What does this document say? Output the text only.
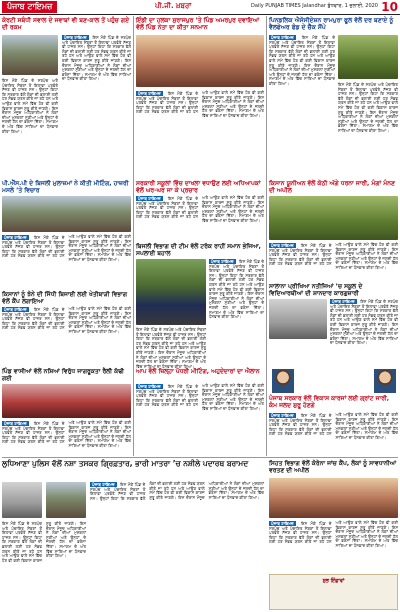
ਪੰਜਾਬ ਟਾਇਮਜ਼	ਪੀ.ਜੀ. ਖ਼ਬਰਾਂ	Daily PUNJAB TIMES Jalandhar ਬੁੱਧਵਾਰ, 1 ਜੁਲਾਈ, 2020 10
ਕੋਰਟੀ ਸਬੰਧੀ ਸਵਾਲ ਦੇ ਜਵਾਬਾਂ ਵੀ ਬਣ-ਕਾਲ ਤੋਂ ਪਹੁੰਚ ਗਏ ਦੀ ਰਕਮ
ਪੰਜਾਬ ਟਾਇਮਜ਼ ਇਸ ਮੌਕੇ ਪਿੰਡ ਦੇ ਸਰਪੰਚ ਅਤੇ ਪੰਚਾਇਤ ਮੈਂਬਰਾਂ ਤੋਂ ਇਲਾਵਾ ਪਤਵੰਤੇ ਸੱਜਣ ਵੀ ਹਾਜ਼ਰ ਸਨ। ਉਨ੍ਹਾਂ ਕਿਹਾ ਕਿ ਸਰਕਾਰ ਵੱਲੋਂ ਲੋਕਾਂ ਦੀ ਭਲਾਈ ਲਈ ਹਰ ਸੰਭਵ ਯਤਨ ਕੀਤੇ ਜਾ ਰਹੇ ਹਨ ਅਤੇ ਆਉਣ ਵਾਲੇ ਸਮੇਂ ਵਿੱਚ ਹੋਰ ਵੀ ਕਈ ਵਿਕਾਸ ਕਾਰਜ ਸ਼ੁਰੂ ਕੀਤੇ ਜਾਣਗੇ। ਇਸ ਦੌਰਾਨ ਮੌਜੂਦ ਅਧਿਕਾਰੀਆਂ ਨੇ ਲੋਕਾਂ ਦੀਆਂ ਮੁਸ਼ਕਲਾਂ ਸੁਣੀਆਂ ਅਤੇ ਉਨ੍ਹਾਂ ਦੇ ਜਲਦੀ ਹੱਲ ਦਾ ਭਰੋਸਾ ਦਿੱਤਾ। ਸਮਾਗਮ ਦੇ ਅੰਤ ਵਿੱਚ ਸਾਰਿਆਂ ਦਾ ਧੰਨਵਾਦ ਕੀਤਾ ਗਿਆ।
ਇਸ ਮੌਕੇ ਪਿੰਡ ਦੇ ਸਰਪੰਚ ਅਤੇ ਪੰਚਾਇਤ ਮੈਂਬਰਾਂ ਤੋਂ ਇਲਾਵਾ ਪਤਵੰਤੇ ਸੱਜਣ ਵੀ ਹਾਜ਼ਰ ਸਨ। ਉਨ੍ਹਾਂ ਕਿਹਾ ਕਿ ਸਰਕਾਰ ਵੱਲੋਂ ਲੋਕਾਂ ਦੀ ਭਲਾਈ ਲਈ ਹਰ ਸੰਭਵ ਯਤਨ ਕੀਤੇ ਜਾ ਰਹੇ ਹਨ ਅਤੇ ਆਉਣ ਵਾਲੇ ਸਮੇਂ ਵਿੱਚ ਹੋਰ ਵੀ ਕਈ ਵਿਕਾਸ ਕਾਰਜ ਸ਼ੁਰੂ ਕੀਤੇ ਜਾਣਗੇ। ਇਸ ਦੌਰਾਨ ਮੌਜੂਦ ਅਧਿਕਾਰੀਆਂ ਨੇ ਲੋਕਾਂ ਦੀਆਂ ਮੁਸ਼ਕਲਾਂ ਸੁਣੀਆਂ ਅਤੇ ਉਨ੍ਹਾਂ ਦੇ ਜਲਦੀ ਹੱਲ ਦਾ ਭਰੋਸਾ ਦਿੱਤਾ। ਸਮਾਗਮ ਦੇ ਅੰਤ ਵਿੱਚ ਸਾਰਿਆਂ ਦਾ ਧੰਨਵਾਦ ਕੀਤਾ ਗਿਆ।
ਇੰਡੀ ਦਾ ਹਲਕਾ ਸੁਰਾਜਪੁਰ ’ਤੇ ਪਿੰਡ ਅਮਰਪੁਰ ਦਵਾਇਆਂ ਵੱਲੋਂ ਪਿੰਡ ਨੇਤਾ ਦਾ ਕੀਤਾ ਸਨਮਾਨ
ਪੰਜਾਬ ਟਾਇਮਜ਼ ਇਸ ਮੌਕੇ ਪਿੰਡ ਦੇ ਸਰਪੰਚ ਅਤੇ ਪੰਚਾਇਤ ਮੈਂਬਰਾਂ ਤੋਂ ਇਲਾਵਾ ਪਤਵੰਤੇ ਸੱਜਣ ਵੀ ਹਾਜ਼ਰ ਸਨ। ਉਨ੍ਹਾਂ ਕਿਹਾ ਕਿ ਸਰਕਾਰ ਵੱਲੋਂ ਲੋਕਾਂ ਦੀ ਭਲਾਈ ਲਈ ਹਰ ਸੰਭਵ ਯਤਨ ਕੀਤੇ ਜਾ ਰਹੇ ਹਨ ਅਤੇ ਆਉਣ ਵਾਲੇ ਸਮੇਂ ਵਿੱਚ ਹੋਰ ਵੀ ਕਈ ਵਿਕਾਸ ਕਾਰਜ ਸ਼ੁਰੂ ਕੀਤੇ ਜਾਣਗੇ। ਇਸ ਦੌਰਾਨ ਮੌਜੂਦ ਅਧਿਕਾਰੀਆਂ ਨੇ ਲੋਕਾਂ ਦੀਆਂ ਮੁਸ਼ਕਲਾਂ ਸੁਣੀਆਂ ਅਤੇ ਉਨ੍ਹਾਂ ਦੇ ਜਲਦੀ ਹੱਲ ਦਾ ਭਰੋਸਾ ਦਿੱਤਾ। ਸਮਾਗਮ ਦੇ ਅੰਤ ਵਿੱਚ ਸਾਰਿਆਂ ਦਾ ਧੰਨਵਾਦ ਕੀਤਾ ਗਿਆ।
ਪਿਨਡਲਿਕ ਐਸੋਸੀਏਸ਼ਨ ਰਾਮਪੁਰਾ ਫੂਲ ਵੱਲੋਂ ਦਰ ਬਣਾਏ ਨੂੰ ਵੈਲਫੇਅਰ ਫੰਡ ਦੇ ਚੈੱਕ ਸੌਂਪੇ
ਪੰਜਾਬ ਟਾਇਮਜ਼ ਇਸ ਮੌਕੇ ਪਿੰਡ ਦੇ ਸਰਪੰਚ ਅਤੇ ਪੰਚਾਇਤ ਮੈਂਬਰਾਂ ਤੋਂ ਇਲਾਵਾ ਪਤਵੰਤੇ ਸੱਜਣ ਵੀ ਹਾਜ਼ਰ ਸਨ। ਉਨ੍ਹਾਂ ਕਿਹਾ ਕਿ ਸਰਕਾਰ ਵੱਲੋਂ ਲੋਕਾਂ ਦੀ ਭਲਾਈ ਲਈ ਹਰ ਸੰਭਵ ਯਤਨ ਕੀਤੇ ਜਾ ਰਹੇ ਹਨ ਅਤੇ ਆਉਣ ਵਾਲੇ ਸਮੇਂ ਵਿੱਚ ਹੋਰ ਵੀ ਕਈ ਵਿਕਾਸ ਕਾਰਜ ਸ਼ੁਰੂ ਕੀਤੇ ਜਾਣਗੇ। ਇਸ ਦੌਰਾਨ ਮੌਜੂਦ ਅਧਿਕਾਰੀਆਂ ਨੇ ਲੋਕਾਂ ਦੀਆਂ ਮੁਸ਼ਕਲਾਂ ਸੁਣੀਆਂ ਅਤੇ ਉਨ੍ਹਾਂ ਦੇ ਜਲਦੀ ਹੱਲ ਦਾ ਭਰੋਸਾ ਦਿੱਤਾ। ਸਮਾਗਮ ਦੇ ਅੰਤ ਵਿੱਚ ਸਾਰਿਆਂ ਦਾ ਧੰਨਵਾਦ ਕੀਤਾ ਗਿਆ।	ਇਸ ਮੌਕੇ ਪਿੰਡ ਦੇ ਸਰਪੰਚ ਅਤੇ ਪੰਚਾਇਤ ਮੈਂਬਰਾਂ ਤੋਂ ਇਲਾਵਾ ਪਤਵੰਤੇ ਸੱਜਣ ਵੀ ਹਾਜ਼ਰ ਸਨ। ਉਨ੍ਹਾਂ ਕਿਹਾ ਕਿ ਸਰਕਾਰ ਵੱਲੋਂ ਲੋਕਾਂ ਦੀ ਭਲਾਈ ਲਈ ਹਰ ਸੰਭਵ ਯਤਨ ਕੀਤੇ ਜਾ ਰਹੇ ਹਨ ਅਤੇ ਆਉਣ ਵਾਲੇ ਸਮੇਂ ਵਿੱਚ ਹੋਰ ਵੀ ਕਈ ਵਿਕਾਸ ਕਾਰਜ ਸ਼ੁਰੂ ਕੀਤੇ ਜਾਣਗੇ। ਇਸ ਦੌਰਾਨ ਮੌਜੂਦ ਅਧਿਕਾਰੀਆਂ ਨੇ ਲੋਕਾਂ ਦੀਆਂ ਮੁਸ਼ਕਲਾਂ ਸੁਣੀਆਂ ਅਤੇ ਉਨ੍ਹਾਂ ਦੇ ਜਲਦੀ ਹੱਲ ਦਾ ਭਰੋਸਾ ਦਿੱਤਾ। ਸਮਾਗਮ ਦੇ ਅੰਤ ਵਿੱਚ ਸਾਰਿਆਂ ਦਾ ਧੰਨਵਾਦ ਕੀਤਾ ਗਿਆ।
ਪੀ.ਐੱਸ.ਪੀ ਦੇ ਬਿਜਲੀ ਮੁਲਾਜ਼ਮਾਂ ਨੇ ਕੀਤੀ ਮੀਟਿੰਗ, ਹਾਜ਼ਰੀ ਮਸਲੇ ’ਤੇ ਵਿਚਾਰ
ਪੰਜਾਬ ਟਾਇਮਜ਼ ਇਸ ਮੌਕੇ ਪਿੰਡ ਦੇ ਸਰਪੰਚ ਅਤੇ ਪੰਚਾਇਤ ਮੈਂਬਰਾਂ ਤੋਂ ਇਲਾਵਾ ਪਤਵੰਤੇ ਸੱਜਣ ਵੀ ਹਾਜ਼ਰ ਸਨ। ਉਨ੍ਹਾਂ ਕਿਹਾ ਕਿ ਸਰਕਾਰ ਵੱਲੋਂ ਲੋਕਾਂ ਦੀ ਭਲਾਈ ਲਈ ਹਰ ਸੰਭਵ ਯਤਨ ਕੀਤੇ ਜਾ ਰਹੇ ਹਨ ਅਤੇ ਆਉਣ ਵਾਲੇ ਸਮੇਂ ਵਿੱਚ ਹੋਰ ਵੀ ਕਈ ਵਿਕਾਸ ਕਾਰਜ ਸ਼ੁਰੂ ਕੀਤੇ ਜਾਣਗੇ। ਇਸ ਦੌਰਾਨ ਮੌਜੂਦ ਅਧਿਕਾਰੀਆਂ ਨੇ ਲੋਕਾਂ ਦੀਆਂ ਮੁਸ਼ਕਲਾਂ ਸੁਣੀਆਂ ਅਤੇ ਉਨ੍ਹਾਂ ਦੇ ਜਲਦੀ ਹੱਲ ਦਾ ਭਰੋਸਾ ਦਿੱਤਾ। ਸਮਾਗਮ ਦੇ ਅੰਤ ਵਿੱਚ ਸਾਰਿਆਂ ਦਾ ਧੰਨਵਾਦ ਕੀਤਾ ਗਿਆ।
ਸਰਕਾਰੀ ਸਕੂਲਾਂ ਵਿੱਚ ਦਾਖਲਾ ਵਧਾਉਣ ਲਈ ਅਧਿਆਪਕਾਂ ਵੱਲੋਂ ਘਰ-ਘਰ ਜਾ ਕੇ ਪ੍ਰਚਾਰ
ਪੰਜਾਬ ਟਾਇਮਜ਼ ਇਸ ਮੌਕੇ ਪਿੰਡ ਦੇ ਸਰਪੰਚ ਅਤੇ ਪੰਚਾਇਤ ਮੈਂਬਰਾਂ ਤੋਂ ਇਲਾਵਾ ਪਤਵੰਤੇ ਸੱਜਣ ਵੀ ਹਾਜ਼ਰ ਸਨ। ਉਨ੍ਹਾਂ ਕਿਹਾ ਕਿ ਸਰਕਾਰ ਵੱਲੋਂ ਲੋਕਾਂ ਦੀ ਭਲਾਈ ਲਈ ਹਰ ਸੰਭਵ ਯਤਨ ਕੀਤੇ ਜਾ ਰਹੇ ਹਨ ਅਤੇ ਆਉਣ ਵਾਲੇ ਸਮੇਂ ਵਿੱਚ ਹੋਰ ਵੀ ਕਈ ਵਿਕਾਸ ਕਾਰਜ ਸ਼ੁਰੂ ਕੀਤੇ ਜਾਣਗੇ। ਇਸ ਦੌਰਾਨ ਮੌਜੂਦ ਅਧਿਕਾਰੀਆਂ ਨੇ ਲੋਕਾਂ ਦੀਆਂ ਮੁਸ਼ਕਲਾਂ ਸੁਣੀਆਂ ਅਤੇ ਉਨ੍ਹਾਂ ਦੇ ਜਲਦੀ ਹੱਲ ਦਾ ਭਰੋਸਾ ਦਿੱਤਾ। ਸਮਾਗਮ ਦੇ ਅੰਤ ਵਿੱਚ ਸਾਰਿਆਂ ਦਾ ਧੰਨਵਾਦ ਕੀਤਾ ਗਿਆ।
ਕਿਸਾਨ ਯੂਨੀਅਨ ਵੱਲੋਂ ਕੋਠੀ ਅੱਗੇ ਧਰਨਾ ਜਾਰੀ, ਮੰਗਾਂ ਮੰਨਣ ਦੀ ਅਪੀਲ
ਪੰਜਾਬ ਟਾਇਮਜ਼ ਇਸ ਮੌਕੇ ਪਿੰਡ ਦੇ ਸਰਪੰਚ ਅਤੇ ਪੰਚਾਇਤ ਮੈਂਬਰਾਂ ਤੋਂ ਇਲਾਵਾ ਪਤਵੰਤੇ ਸੱਜਣ ਵੀ ਹਾਜ਼ਰ ਸਨ। ਉਨ੍ਹਾਂ ਕਿਹਾ ਕਿ ਸਰਕਾਰ ਵੱਲੋਂ ਲੋਕਾਂ ਦੀ ਭਲਾਈ ਲਈ ਹਰ ਸੰਭਵ ਯਤਨ ਕੀਤੇ ਜਾ ਰਹੇ ਹਨ ਅਤੇ ਆਉਣ ਵਾਲੇ ਸਮੇਂ ਵਿੱਚ ਹੋਰ ਵੀ ਕਈ ਵਿਕਾਸ ਕਾਰਜ ਸ਼ੁਰੂ ਕੀਤੇ ਜਾਣਗੇ। ਇਸ ਦੌਰਾਨ ਮੌਜੂਦ ਅਧਿਕਾਰੀਆਂ ਨੇ ਲੋਕਾਂ ਦੀਆਂ ਮੁਸ਼ਕਲਾਂ ਸੁਣੀਆਂ ਅਤੇ ਉਨ੍ਹਾਂ ਦੇ ਜਲਦੀ ਹੱਲ ਦਾ ਭਰੋਸਾ ਦਿੱਤਾ। ਸਮਾਗਮ ਦੇ ਅੰਤ ਵਿੱਚ ਸਾਰਿਆਂ ਦਾ ਧੰਨਵਾਦ ਕੀਤਾ ਗਿਆ।
ਬਿਜਲੀ ਵਿਭਾਗ ਦੀ ਟੀਮ ਵੱਲੋਂ ਟਰੱਕ ਰਾਹੀਂ ਸਮਾਨ ਭੇਜਿਆ, ਸਪਲਾਈ ਬਹਾਲ
ਪੰਜਾਬ ਟਾਇਮਜ਼ ਇਸ ਮੌਕੇ ਪਿੰਡ ਦੇ ਸਰਪੰਚ ਅਤੇ ਪੰਚਾਇਤ ਮੈਂਬਰਾਂ ਤੋਂ ਇਲਾਵਾ ਪਤਵੰਤੇ ਸੱਜਣ ਵੀ ਹਾਜ਼ਰ ਸਨ। ਉਨ੍ਹਾਂ ਕਿਹਾ ਕਿ ਸਰਕਾਰ ਵੱਲੋਂ ਲੋਕਾਂ ਦੀ ਭਲਾਈ ਲਈ ਹਰ ਸੰਭਵ ਯਤਨ ਕੀਤੇ ਜਾ ਰਹੇ ਹਨ ਅਤੇ ਆਉਣ ਵਾਲੇ ਸਮੇਂ ਵਿੱਚ ਹੋਰ ਵੀ ਕਈ ਵਿਕਾਸ ਕਾਰਜ ਸ਼ੁਰੂ ਕੀਤੇ ਜਾਣਗੇ। ਇਸ ਦੌਰਾਨ ਮੌਜੂਦ ਅਧਿਕਾਰੀਆਂ ਨੇ ਲੋਕਾਂ ਦੀਆਂ ਮੁਸ਼ਕਲਾਂ ਸੁਣੀਆਂ ਅਤੇ ਉਨ੍ਹਾਂ ਦੇ ਜਲਦੀ ਹੱਲ ਦਾ ਭਰੋਸਾ ਦਿੱਤਾ। ਸਮਾਗਮ ਦੇ ਅੰਤ ਵਿੱਚ ਸਾਰਿਆਂ ਦਾ ਧੰਨਵਾਦ ਕੀਤਾ ਗਿਆ।
ਇਸ ਮੌਕੇ ਪਿੰਡ ਦੇ ਸਰਪੰਚ ਅਤੇ ਪੰਚਾਇਤ ਮੈਂਬਰਾਂ ਤੋਂ ਇਲਾਵਾ ਪਤਵੰਤੇ ਸੱਜਣ ਵੀ ਹਾਜ਼ਰ ਸਨ। ਉਨ੍ਹਾਂ ਕਿਹਾ ਕਿ ਸਰਕਾਰ ਵੱਲੋਂ ਲੋਕਾਂ ਦੀ ਭਲਾਈ ਲਈ ਹਰ ਸੰਭਵ ਯਤਨ ਕੀਤੇ ਜਾ ਰਹੇ ਹਨ ਅਤੇ ਆਉਣ ਵਾਲੇ ਸਮੇਂ ਵਿੱਚ ਹੋਰ ਵੀ ਕਈ ਵਿਕਾਸ ਕਾਰਜ ਸ਼ੁਰੂ ਕੀਤੇ ਜਾਣਗੇ। ਇਸ ਦੌਰਾਨ ਮੌਜੂਦ ਅਧਿਕਾਰੀਆਂ ਨੇ ਲੋਕਾਂ ਦੀਆਂ ਮੁਸ਼ਕਲਾਂ ਸੁਣੀਆਂ ਅਤੇ ਉਨ੍ਹਾਂ ਦੇ ਜਲਦੀ ਹੱਲ ਦਾ ਭਰੋਸਾ ਦਿੱਤਾ। ਸਮਾਗਮ ਦੇ ਅੰਤ ਵਿੱਚ ਸਾਰਿਆਂ ਦਾ ਧੰਨਵਾਦ ਕੀਤਾ ਗਿਆ।
ਕਿਸਾਨਾਂ ਨੂੰ ਝੋਨੇ ਦੀ ਸਿੱਧੀ ਬਿਜਾਈ ਲਈ ਖੇਤੀਬਾੜੀ ਵਿਭਾਗ ਵੱਲੋਂ ਕੈਂਪ ਲਗਾਇਆ
ਪੰਜਾਬ ਟਾਇਮਜ਼ ਇਸ ਮੌਕੇ ਪਿੰਡ ਦੇ ਸਰਪੰਚ ਅਤੇ ਪੰਚਾਇਤ ਮੈਂਬਰਾਂ ਤੋਂ ਇਲਾਵਾ ਪਤਵੰਤੇ ਸੱਜਣ ਵੀ ਹਾਜ਼ਰ ਸਨ। ਉਨ੍ਹਾਂ ਕਿਹਾ ਕਿ ਸਰਕਾਰ ਵੱਲੋਂ ਲੋਕਾਂ ਦੀ ਭਲਾਈ ਲਈ ਹਰ ਸੰਭਵ ਯਤਨ ਕੀਤੇ ਜਾ ਰਹੇ ਹਨ ਅਤੇ ਆਉਣ ਵਾਲੇ ਸਮੇਂ ਵਿੱਚ ਹੋਰ ਵੀ ਕਈ ਵਿਕਾਸ ਕਾਰਜ ਸ਼ੁਰੂ ਕੀਤੇ ਜਾਣਗੇ। ਇਸ ਦੌਰਾਨ ਮੌਜੂਦ ਅਧਿਕਾਰੀਆਂ ਨੇ ਲੋਕਾਂ ਦੀਆਂ ਮੁਸ਼ਕਲਾਂ ਸੁਣੀਆਂ ਅਤੇ ਉਨ੍ਹਾਂ ਦੇ ਜਲਦੀ ਹੱਲ ਦਾ ਭਰੋਸਾ ਦਿੱਤਾ। ਸਮਾਗਮ ਦੇ ਅੰਤ ਵਿੱਚ ਸਾਰਿਆਂ ਦਾ ਧੰਨਵਾਦ ਕੀਤਾ ਗਿਆ।
ਸਾਲਾਨਾ ਪ੍ਰੀਖਿਆ ਨਤੀਜਿਆਂ ’ਚ ਸਕੂਲ ਦੇ ਵਿਦਿਆਰਥੀਆਂ ਦੀ ਸ਼ਾਨਦਾਰ ਕਾਰਗੁਜ਼ਾਰੀ
ਪੰਜਾਬ ਟਾਇਮਜ਼ ਇਸ ਮੌਕੇ ਪਿੰਡ ਦੇ ਸਰਪੰਚ ਅਤੇ ਪੰਚਾਇਤ ਮੈਂਬਰਾਂ ਤੋਂ ਇਲਾਵਾ ਪਤਵੰਤੇ ਸੱਜਣ ਵੀ ਹਾਜ਼ਰ ਸਨ। ਉਨ੍ਹਾਂ ਕਿਹਾ ਕਿ ਸਰਕਾਰ ਵੱਲੋਂ ਲੋਕਾਂ ਦੀ ਭਲਾਈ ਲਈ ਹਰ ਸੰਭਵ ਯਤਨ ਕੀਤੇ ਜਾ ਰਹੇ ਹਨ ਅਤੇ ਆਉਣ ਵਾਲੇ ਸਮੇਂ ਵਿੱਚ ਹੋਰ ਵੀ ਕਈ ਵਿਕਾਸ ਕਾਰਜ ਸ਼ੁਰੂ ਕੀਤੇ ਜਾਣਗੇ। ਇਸ ਦੌਰਾਨ ਮੌਜੂਦ ਅਧਿਕਾਰੀਆਂ ਨੇ ਲੋਕਾਂ ਦੀਆਂ ਮੁਸ਼ਕਲਾਂ ਸੁਣੀਆਂ ਅਤੇ ਉਨ੍ਹਾਂ ਦੇ ਜਲਦੀ ਹੱਲ ਦਾ ਭਰੋਸਾ ਦਿੱਤਾ। ਸਮਾਗਮ ਦੇ ਅੰਤ ਵਿੱਚ ਸਾਰਿਆਂ ਦਾ ਧੰਨਵਾਦ ਕੀਤਾ ਗਿਆ।
ਪਿੰਡ ਵਾਸੀਆਂ ਵੱਲੋਂ ਨਸ਼ਿਆਂ ਵਿਰੁੱਧ ਜਾਗਰੂਕਤਾ ਰੈਲੀ ਕੱਢੀ ਗਈ
ਪੰਜਾਬ ਟਾਇਮਜ਼ ਇਸ ਮੌਕੇ ਪਿੰਡ ਦੇ ਸਰਪੰਚ ਅਤੇ ਪੰਚਾਇਤ ਮੈਂਬਰਾਂ ਤੋਂ ਇਲਾਵਾ ਪਤਵੰਤੇ ਸੱਜਣ ਵੀ ਹਾਜ਼ਰ ਸਨ। ਉਨ੍ਹਾਂ ਕਿਹਾ ਕਿ ਸਰਕਾਰ ਵੱਲੋਂ ਲੋਕਾਂ ਦੀ ਭਲਾਈ ਲਈ ਹਰ ਸੰਭਵ ਯਤਨ ਕੀਤੇ ਜਾ ਰਹੇ ਹਨ ਅਤੇ ਆਉਣ ਵਾਲੇ ਸਮੇਂ ਵਿੱਚ ਹੋਰ ਵੀ ਕਈ ਵਿਕਾਸ ਕਾਰਜ ਸ਼ੁਰੂ ਕੀਤੇ ਜਾਣਗੇ। ਇਸ ਦੌਰਾਨ ਮੌਜੂਦ ਅਧਿਕਾਰੀਆਂ ਨੇ ਲੋਕਾਂ ਦੀਆਂ ਮੁਸ਼ਕਲਾਂ ਸੁਣੀਆਂ ਅਤੇ ਉਨ੍ਹਾਂ ਦੇ ਜਲਦੀ ਹੱਲ ਦਾ ਭਰੋਸਾ ਦਿੱਤਾ। ਸਮਾਗਮ ਦੇ ਅੰਤ ਵਿੱਚ ਸਾਰਿਆਂ ਦਾ ਧੰਨਵਾਦ ਕੀਤਾ ਗਿਆ।
ਆਪ ਵੱਲੋਂ ਜ਼ਿਲ੍ਹਾ ਪੱਧਰੀ ਮੀਟਿੰਗ, ਅਹੁਦੇਦਾਰਾਂ ਦਾ ਐਲਾਨ
ਪੰਜਾਬ ਟਾਇਮਜ਼ ਇਸ ਮੌਕੇ ਪਿੰਡ ਦੇ ਸਰਪੰਚ ਅਤੇ ਪੰਚਾਇਤ ਮੈਂਬਰਾਂ ਤੋਂ ਇਲਾਵਾ ਪਤਵੰਤੇ ਸੱਜਣ ਵੀ ਹਾਜ਼ਰ ਸਨ। ਉਨ੍ਹਾਂ ਕਿਹਾ ਕਿ ਸਰਕਾਰ ਵੱਲੋਂ ਲੋਕਾਂ ਦੀ ਭਲਾਈ ਲਈ ਹਰ ਸੰਭਵ ਯਤਨ ਕੀਤੇ ਜਾ ਰਹੇ ਹਨ ਅਤੇ ਆਉਣ ਵਾਲੇ ਸਮੇਂ ਵਿੱਚ ਹੋਰ ਵੀ ਕਈ ਵਿਕਾਸ ਕਾਰਜ ਸ਼ੁਰੂ ਕੀਤੇ ਜਾਣਗੇ। ਇਸ ਦੌਰਾਨ ਮੌਜੂਦ ਅਧਿਕਾਰੀਆਂ ਨੇ ਲੋਕਾਂ ਦੀਆਂ ਮੁਸ਼ਕਲਾਂ ਸੁਣੀਆਂ ਅਤੇ ਉਨ੍ਹਾਂ ਦੇ ਜਲਦੀ ਹੱਲ ਦਾ ਭਰੋਸਾ ਦਿੱਤਾ। ਸਮਾਗਮ ਦੇ ਅੰਤ ਵਿੱਚ ਸਾਰਿਆਂ ਦਾ ਧੰਨਵਾਦ ਕੀਤਾ ਗਿਆ।
ਪੰਜਾਬ ਸਰਕਾਰ ਵੱਲੋਂ ਵਿਕਾਸ ਕਾਰਜਾਂ ਲਈ ਗ੍ਰਾਂਟ ਜਾਰੀ, ਕੰਮ ਜਲਦ ਸ਼ੁਰੂ ਹੋਣਗੇ
ਪੰਜਾਬ ਟਾਇਮਜ਼ ਇਸ ਮੌਕੇ ਪਿੰਡ ਦੇ ਸਰਪੰਚ ਅਤੇ ਪੰਚਾਇਤ ਮੈਂਬਰਾਂ ਤੋਂ ਇਲਾਵਾ ਪਤਵੰਤੇ ਸੱਜਣ ਵੀ ਹਾਜ਼ਰ ਸਨ। ਉਨ੍ਹਾਂ ਕਿਹਾ ਕਿ ਸਰਕਾਰ ਵੱਲੋਂ ਲੋਕਾਂ ਦੀ ਭਲਾਈ ਲਈ ਹਰ ਸੰਭਵ ਯਤਨ ਕੀਤੇ ਜਾ ਰਹੇ ਹਨ ਅਤੇ ਆਉਣ ਵਾਲੇ ਸਮੇਂ ਵਿੱਚ ਹੋਰ ਵੀ ਕਈ ਵਿਕਾਸ ਕਾਰਜ ਸ਼ੁਰੂ ਕੀਤੇ ਜਾਣਗੇ। ਇਸ ਦੌਰਾਨ ਮੌਜੂਦ ਅਧਿਕਾਰੀਆਂ ਨੇ ਲੋਕਾਂ ਦੀਆਂ ਮੁਸ਼ਕਲਾਂ ਸੁਣੀਆਂ ਅਤੇ ਉਨ੍ਹਾਂ ਦੇ ਜਲਦੀ ਹੱਲ ਦਾ ਭਰੋਸਾ ਦਿੱਤਾ। ਸਮਾਗਮ ਦੇ ਅੰਤ ਵਿੱਚ ਸਾਰਿਆਂ ਦਾ ਧੰਨਵਾਦ ਕੀਤਾ ਗਿਆ।
ਲੁਧਿਆਣਾ ਪੁਲਿਸ ਵੱਲੋਂ ਨਸ਼ਾ ਤਸਕਰ ਗ੍ਰਿਫ਼ਤਾਰ, ਭਾਰੀ ਮਾਤਰਾ ’ਚ ਨਸ਼ੀਲੇ ਪਦਾਰਥ ਬਰਾਮਦ
ਪੰਜਾਬ ਟਾਇਮਜ਼ ਇਸ ਮੌਕੇ ਪਿੰਡ ਦੇ ਸਰਪੰਚ ਅਤੇ ਪੰਚਾਇਤ ਮੈਂਬਰਾਂ ਤੋਂ ਇਲਾਵਾ ਪਤਵੰਤੇ ਸੱਜਣ ਵੀ ਹਾਜ਼ਰ ਸਨ। ਉਨ੍ਹਾਂ ਕਿਹਾ ਕਿ ਸਰਕਾਰ ਵੱਲੋਂ ਲੋਕਾਂ ਦੀ ਭਲਾਈ ਲਈ ਹਰ ਸੰਭਵ ਯਤਨ ਕੀਤੇ ਜਾ ਰਹੇ ਹਨ ਅਤੇ ਆਉਣ ਵਾਲੇ ਸਮੇਂ ਵਿੱਚ ਹੋਰ ਵੀ ਕਈ ਵਿਕਾਸ ਕਾਰਜ ਸ਼ੁਰੂ ਕੀਤੇ ਜਾਣਗੇ। ਇਸ ਦੌਰਾਨ ਮੌਜੂਦ ਅਧਿਕਾਰੀਆਂ ਨੇ ਲੋਕਾਂ ਦੀਆਂ ਮੁਸ਼ਕਲਾਂ ਸੁਣੀਆਂ ਅਤੇ ਉਨ੍ਹਾਂ ਦੇ ਜਲਦੀ ਹੱਲ ਦਾ ਭਰੋਸਾ ਦਿੱਤਾ। ਸਮਾਗਮ ਦੇ ਅੰਤ ਵਿੱਚ ਸਾਰਿਆਂ ਦਾ ਧੰਨਵਾਦ ਕੀਤਾ ਗਿਆ।
ਇਸ ਮੌਕੇ ਪਿੰਡ ਦੇ ਸਰਪੰਚ ਅਤੇ ਪੰਚਾਇਤ ਮੈਂਬਰਾਂ ਤੋਂ ਇਲਾਵਾ ਪਤਵੰਤੇ ਸੱਜਣ ਵੀ ਹਾਜ਼ਰ ਸਨ। ਉਨ੍ਹਾਂ ਕਿਹਾ ਕਿ ਸਰਕਾਰ ਵੱਲੋਂ ਲੋਕਾਂ ਦੀ ਭਲਾਈ ਲਈ ਹਰ ਸੰਭਵ ਯਤਨ ਕੀਤੇ ਜਾ ਰਹੇ ਹਨ ਅਤੇ ਆਉਣ ਵਾਲੇ ਸਮੇਂ ਵਿੱਚ ਹੋਰ ਵੀ ਕਈ ਵਿਕਾਸ ਕਾਰਜ ਸ਼ੁਰੂ ਕੀਤੇ ਜਾਣਗੇ। ਇਸ ਦੌਰਾਨ ਮੌਜੂਦ ਅਧਿਕਾਰੀਆਂ ਨੇ ਲੋਕਾਂ ਦੀਆਂ ਮੁਸ਼ਕਲਾਂ ਸੁਣੀਆਂ ਅਤੇ ਉਨ੍ਹਾਂ ਦੇ ਜਲਦੀ ਹੱਲ ਦਾ ਭਰੋਸਾ ਦਿੱਤਾ। ਸਮਾਗਮ ਦੇ ਅੰਤ ਵਿੱਚ ਸਾਰਿਆਂ ਦਾ ਧੰਨਵਾਦ ਕੀਤਾ ਗਿਆ।
ਸਿਹਤ ਵਿਭਾਗ ਵੱਲੋਂ ਕੋਰੋਨਾ ਜਾਂਚ ਕੈਂਪ, ਲੋਕਾਂ ਨੂੰ ਸਾਵਧਾਨੀਆਂ ਵਰਤਣ ਦੀ ਅਪੀਲ
ਪੰਜਾਬ ਟਾਇਮਜ਼ ਇਸ ਮੌਕੇ ਪਿੰਡ ਦੇ ਸਰਪੰਚ ਅਤੇ ਪੰਚਾਇਤ ਮੈਂਬਰਾਂ ਤੋਂ ਇਲਾਵਾ ਪਤਵੰਤੇ ਸੱਜਣ ਵੀ ਹਾਜ਼ਰ ਸਨ। ਉਨ੍ਹਾਂ ਕਿਹਾ ਕਿ ਸਰਕਾਰ ਵੱਲੋਂ ਲੋਕਾਂ ਦੀ ਭਲਾਈ ਲਈ ਹਰ ਸੰਭਵ ਯਤਨ ਕੀਤੇ ਜਾ ਰਹੇ ਹਨ ਅਤੇ ਆਉਣ ਵਾਲੇ ਸਮੇਂ ਵਿੱਚ ਹੋਰ ਵੀ ਕਈ ਵਿਕਾਸ ਕਾਰਜ ਸ਼ੁਰੂ ਕੀਤੇ ਜਾਣਗੇ। ਇਸ ਦੌਰਾਨ ਮੌਜੂਦ ਅਧਿਕਾਰੀਆਂ ਨੇ ਲੋਕਾਂ ਦੀਆਂ ਮੁਸ਼ਕਲਾਂ ਸੁਣੀਆਂ ਅਤੇ ਉਨ੍ਹਾਂ ਦੇ ਜਲਦੀ ਹੱਲ ਦਾ ਭਰੋਸਾ ਦਿੱਤਾ। ਸਮਾਗਮ ਦੇ ਅੰਤ ਵਿੱਚ ਸਾਰਿਆਂ ਦਾ ਧੰਨਵਾਦ ਕੀਤਾ ਗਿਆ।
ਸ਼ੁਭ ਇੱਛਾਵਾਂ
